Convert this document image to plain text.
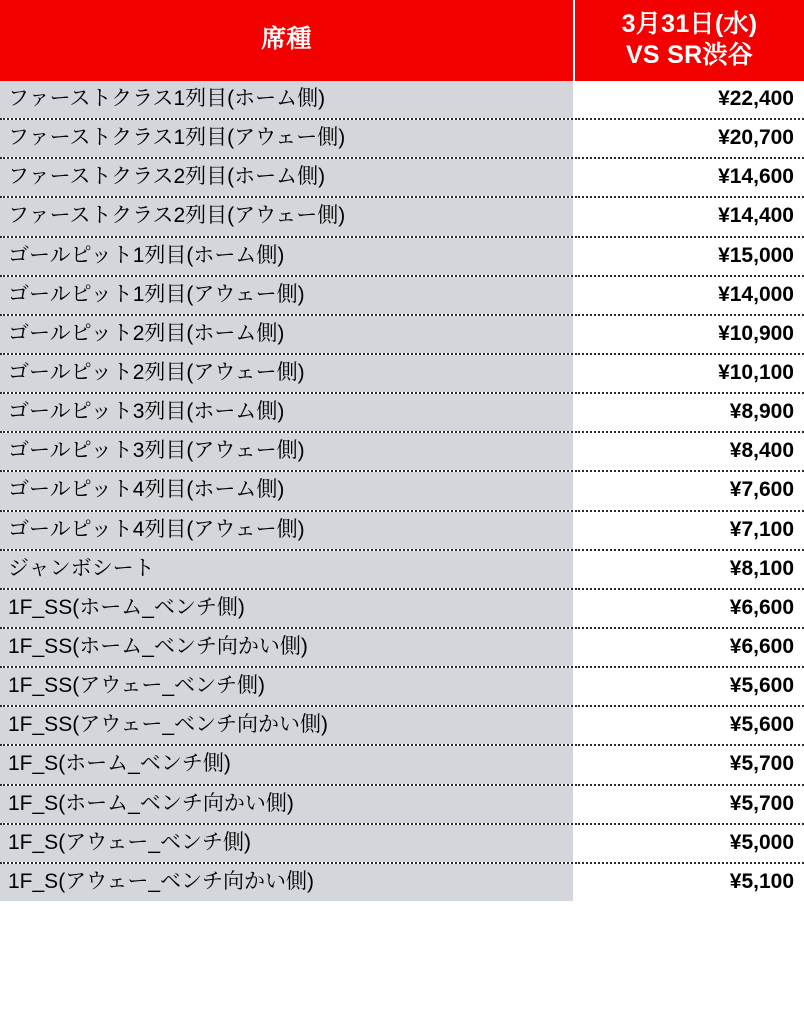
席種	3月31日(水)
VS SR渋谷

ファーストクラス1列目(ホーム側)	¥22,400
ファーストクラス1列目(アウェー側)	¥20,700
ファーストクラス2列目(ホーム側)	¥14,600
ファーストクラス2列目(アウェー側)	¥14,400
ゴールピット1列目(ホーム側)	¥15,000
ゴールピット1列目(アウェー側)	¥14,000
ゴールピット2列目(ホーム側)	¥10,900
ゴールピット2列目(アウェー側)	¥10,100
ゴールピット3列目(ホーム側)	¥8,900
ゴールピット3列目(アウェー側)	¥8,400
ゴールピット4列目(ホーム側)	¥7,600
ゴールピット4列目(アウェー側)	¥7,100
ジャンボシート	¥8,100
1F_SS(ホーム_ベンチ側)	¥6,600
1F_SS(ホーム_ベンチ向かい側)	¥6,600
1F_SS(アウェー_ベンチ側)	¥5,600
1F_SS(アウェー_ベンチ向かい側)	¥5,600
1F_S(ホーム_ベンチ側)	¥5,700
1F_S(ホーム_ベンチ向かい側)	¥5,700
1F_S(アウェー_ベンチ側)	¥5,000
1F_S(アウェー_ベンチ向かい側)	¥5,100
